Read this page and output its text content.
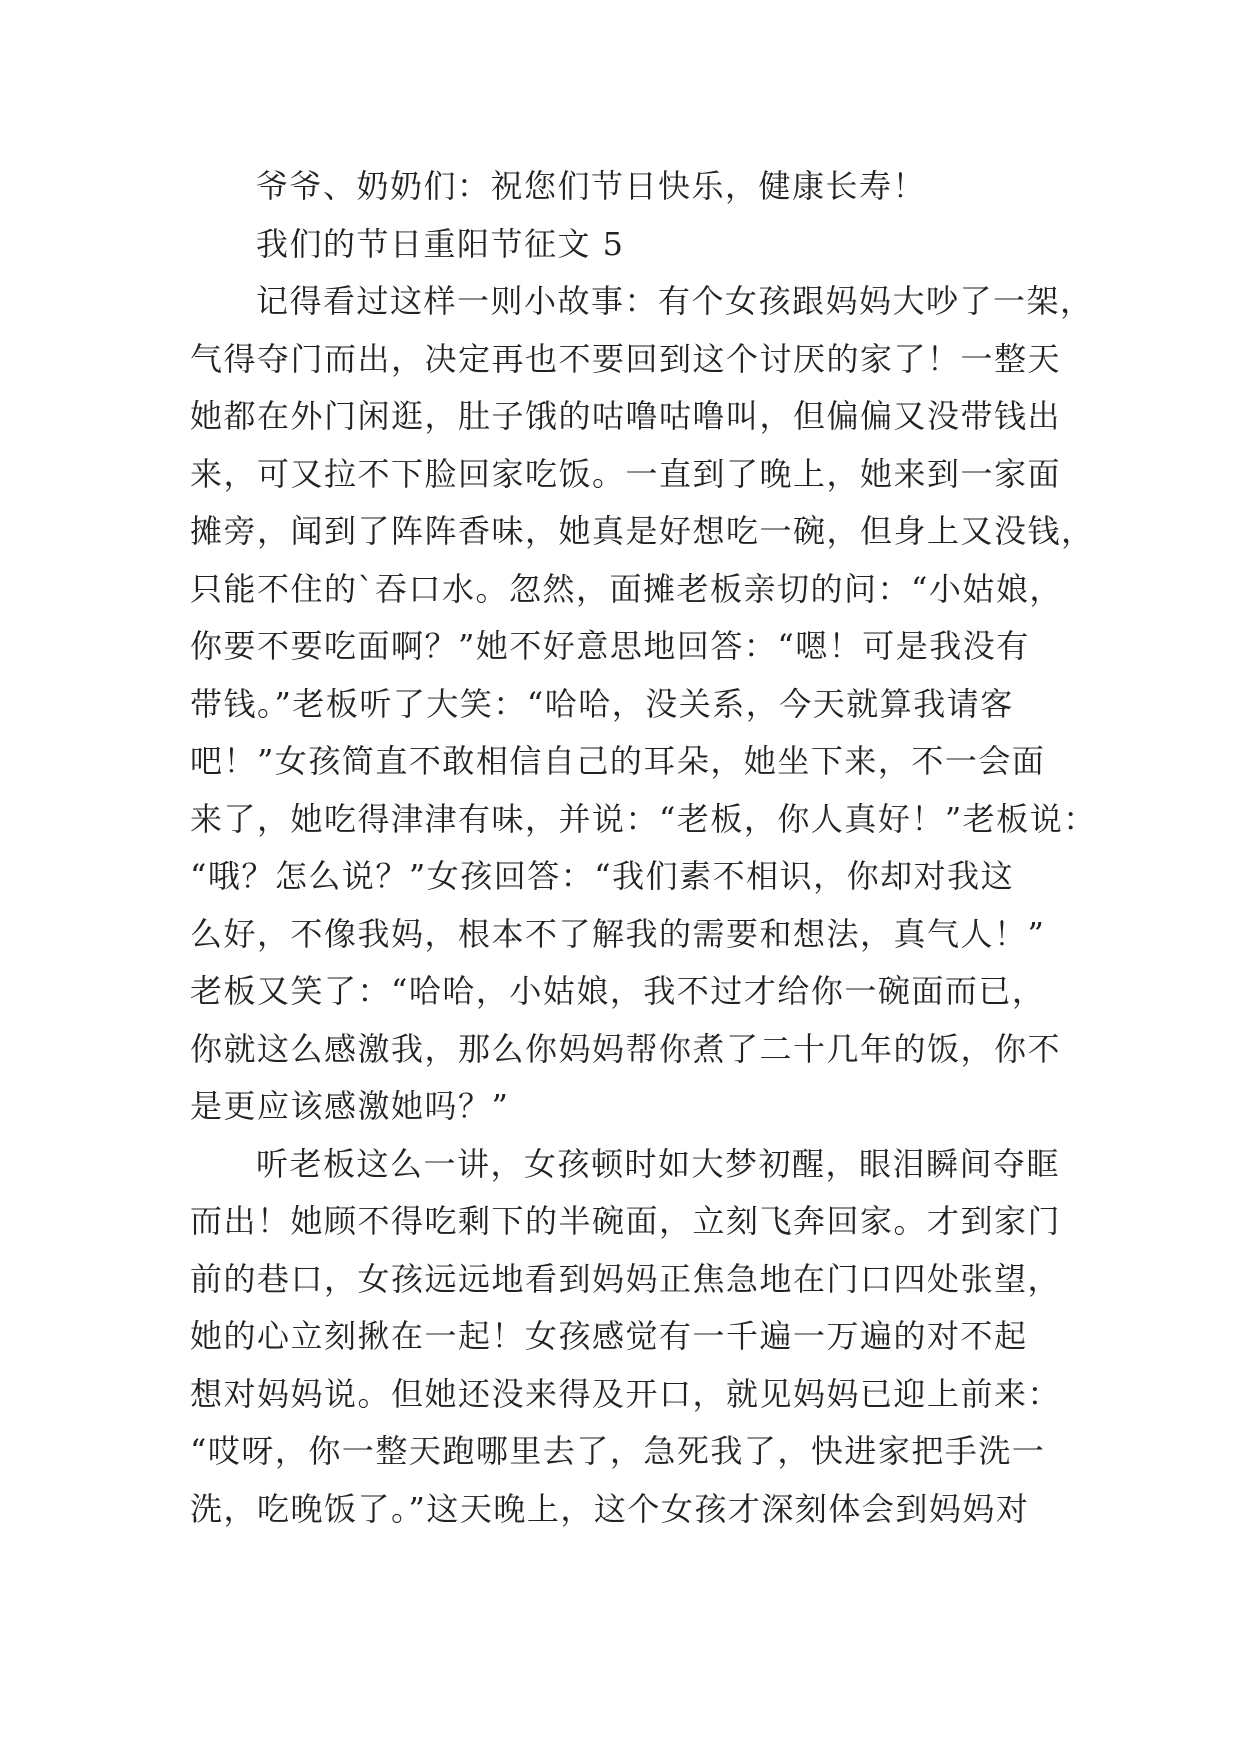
爷爷、奶奶们：祝您们节日快乐，健康长寿！
我们的节日重阳节征文 5
记得看过这样一则小故事：有个女孩跟妈妈大吵了一架，
气得夺门而出，决定再也不要回到这个讨厌的家了！一整天
她都在外门闲逛，肚子饿的咕噜咕噜叫，但偏偏又没带钱出
来，可又拉不下脸回家吃饭。一直到了晚上，她来到一家面
摊旁，闻到了阵阵香味，她真是好想吃一碗，但身上又没钱，
只能不住的`吞口水。忽然，面摊老板亲切的问：“小姑娘，
你要不要吃面啊？”她不好意思地回答：“嗯！可是我没有
带钱。”老板听了大笑：“哈哈，没关系，今天就算我请客
吧！”女孩简直不敢相信自己的耳朵，她坐下来，不一会面
来了，她吃得津津有味，并说：“老板，你人真好！”老板说：
“哦？怎么说？”女孩回答：“我们素不相识，你却对我这
么好，不像我妈，根本不了解我的需要和想法，真气人！”
老板又笑了：“哈哈，小姑娘，我不过才给你一碗面而已，
你就这么感激我，那么你妈妈帮你煮了二十几年的饭，你不
是更应该感激她吗？”
听老板这么一讲，女孩顿时如大梦初醒，眼泪瞬间夺眶
而出！她顾不得吃剩下的半碗面，立刻飞奔回家。才到家门
前的巷口，女孩远远地看到妈妈正焦急地在门口四处张望，
她的心立刻揪在一起！女孩感觉有一千遍一万遍的对不起
想对妈妈说。但她还没来得及开口，就见妈妈已迎上前来：
“哎呀，你一整天跑哪里去了，急死我了，快进家把手洗一
洗，吃晚饭了。”这天晚上，这个女孩才深刻体会到妈妈对
